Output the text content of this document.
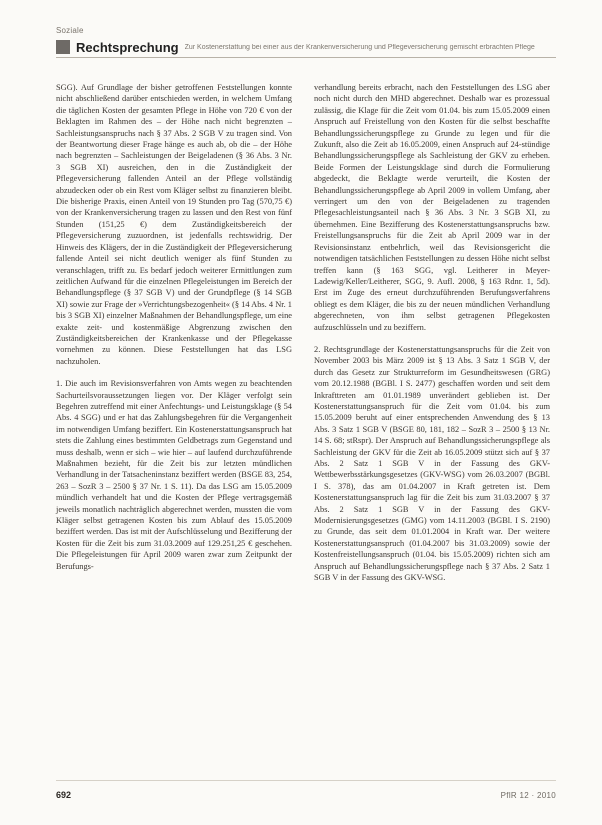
Soziale
Rechtsprechung Zur Kostenerstattung bei einer aus der Krankenversicherung und Pflegeversicherung gemischt erbrachten Pflege

SGG). Auf Grundlage der bisher getroffenen Feststellungen konnte nicht abschließend darüber entschieden werden, in welchem Umfang die täglichen Kosten der gesamten Pflege in Höhe von 720 € von der Beklagten im Rahmen des – der Höhe nach nicht begrenzten – Sachleistungsanspruchs nach § 37 Abs. 2 SGB V zu tragen sind. Von der Beantwortung dieser Frage hänge es auch ab, ob die – der Höhe nach begrenzten – Sachleistungen der Beigeladenen (§ 36 Abs. 3 Nr. 3 SGB XI) ausreichen, den in die Zuständigkeit der Pflegeversicherung fallenden Anteil an der Pflege vollständig abzudecken oder ob ein Rest vom Kläger selbst zu finanzieren bleibt. Die bisherige Praxis, einen Anteil von 19 Stunden pro Tag (570,75 €) von der Krankenversicherung tragen zu lassen und den Rest von fünf Stunden (151,25 €) dem Zuständigkeitsbereich der Pflegeversicherung zuzuordnen, ist jedenfalls rechtswidrig. Der Hinweis des Klägers, der in die Zuständigkeit der Pflegeversicherung fallende Anteil sei nicht deutlich weniger als fünf Stunden zu veranschlagen, trifft zu. Es bedarf jedoch weiterer Ermittlungen zum zeitlichen Aufwand für die einzelnen Pflegeleistungen im Bereich der Behandlungspflege (§ 37 SGB V) und der Grundpflege (§ 14 SGB XI) sowie zur Frage der »Verrichtungsbezogenheit« (§ 14 Abs. 4 Nr. 1 bis 3 SGB XI) einzelner Maßnahmen der Behandlungspflege, um eine exakte zeit- und kostenmäßige Abgrenzung zwischen den Zuständigkeitsbereichen der Krankenkasse und der Pflegekasse vornehmen zu können. Diese Feststellungen hat das LSG nachzuholen.

1. Die auch im Revisionsverfahren von Amts wegen zu beachtenden Sachurteilsvoraussetzungen liegen vor. Der Kläger verfolgt sein Begehren zutreffend mit einer Anfechtungs- und Leistungsklage (§ 54 Abs. 4 SGG) und er hat das Zahlungsbegehren für die Vergangenheit im notwendigen Umfang beziffert. Ein Kostenerstattungsanspruch hat stets die Zahlung eines bestimmten Geldbetrags zum Gegenstand und muss deshalb, wenn er sich – wie hier – auf laufend durchzuführende Maßnahmen bezieht, für die Zeit bis zur letzten mündlichen Verhandlung in der Tatsacheninstanz beziffert werden (BSGE 83, 254, 263 – SozR 3 – 2500 § 37 Nr. 1 S. 11). Da das LSG am 15.05.2009 mündlich verhandelt hat und die Kosten der Pflege vertragsgemäß jeweils monatlich nachträglich abgerechnet werden, mussten die vom Kläger selbst getragenen Kosten bis zum Ablauf des 15.05.2009 beziffert werden. Das ist mit der Aufschlüsselung und Bezifferung der Kosten für die Zeit bis zum 31.03.2009 auf 129.251,25 € geschehen. Die Pflegeleistungen für April 2009 waren zwar zum Zeitpunkt der Berufungs-

verhandlung bereits erbracht, nach den Feststellungen des LSG aber noch nicht durch den MHD abgerechnet. Deshalb war es prozessual zulässig, die Klage für die Zeit vom 01.04. bis zum 15.05.2009 einen Anspruch auf Freistellung von den Kosten für die selbst beschaffte Behandlungssicherungspflege zu Grunde zu legen und für die Zukunft, also die Zeit ab 16.05.2009, einen Anspruch auf 24-stündige Behandlungssicherungspflege als Sachleistung der GKV zu erheben. Beide Formen der Leistungsklage sind durch die Formulierung abgedeckt, die Beklagte werde verurteilt, die Kosten der Behandlungssicherungspflege ab April 2009 in vollem Umfang, aber verringert um den von der Beigeladenen zu tragenden Pflegesachleistungsanteil nach § 36 Abs. 3 Nr. 3 SGB XI, zu übernehmen. Eine Bezifferung des Kostenerstattungsanspruchs bzw. Freistellungsanspruchs für die Zeit ab April 2009 war in der Revisionsinstanz entbehrlich, weil das Revisionsgericht die notwendigen tatsächlichen Feststellungen zu dessen Höhe nicht selbst treffen kann (§ 163 SGG, vgl. Leitherer in Meyer-Ladewig/Keller/Leitherer, SGG, 9. Aufl. 2008, § 163 Rdnr. 1, 5d). Erst im Zuge des erneut durchzuführenden Berufungsverfahrens obliegt es dem Kläger, die bis zu der neuen mündlichen Verhandlung abgerechneten, von ihm selbst getragenen Pflegekosten aufzuschlüsseln und zu beziffern.

2. Rechtsgrundlage der Kostenerstattungsanspruchs für die Zeit von November 2003 bis März 2009 ist § 13 Abs. 3 Satz 1 SGB V, der durch das Gesetz zur Strukturreform im Gesundheitswesen (GRG) vom 20.12.1988 (BGBl. I S. 2477) geschaffen worden und seit dem Inkrafttreten am 01.01.1989 unverändert geblieben ist. Der Kostenerstattungsanspruch für die Zeit vom 01.04. bis zum 15.05.2009 beruht auf einer entsprechenden Anwendung des § 13 Abs. 3 Satz 1 SGB V (BSGE 80, 181, 182 – SozR 3 – 2500 § 13 Nr. 14 S. 68; stRspr). Der Anspruch auf Behandlungssicherungspflege als Sachleistung der GKV für die Zeit ab 16.05.2009 stützt sich auf § 37 Abs. 2 Satz 1 SGB V in der Fassung des GKV-Wettbewerbsstärkungsgesetzes (GKV-WSG) vom 26.03.2007 (BGBl. I S. 378), das am 01.04.2007 in Kraft getreten ist. Dem Kostenerstattungsanspruch lag für die Zeit bis zum 31.03.2007 § 37 Abs. 2 Satz 1 SGB V in der Fassung des GKV-Modernisierungsgesetzes (GMG) vom 14.11.2003 (BGBl. I S. 2190) zu Grunde, das seit dem 01.01.2004 in Kraft war. Der weitere Kostenerstattungsanspruch (01.04.2007 bis 31.03.2009) sowie der Kostenfreistellungsanspruch (01.04. bis 15.05.2009) richten sich am Anspruch auf Behandlungssicherungspflege nach § 37 Abs. 2 Satz 1 SGB V in der Fassung des GKV-WSG.

692	PflR 12 · 2010
